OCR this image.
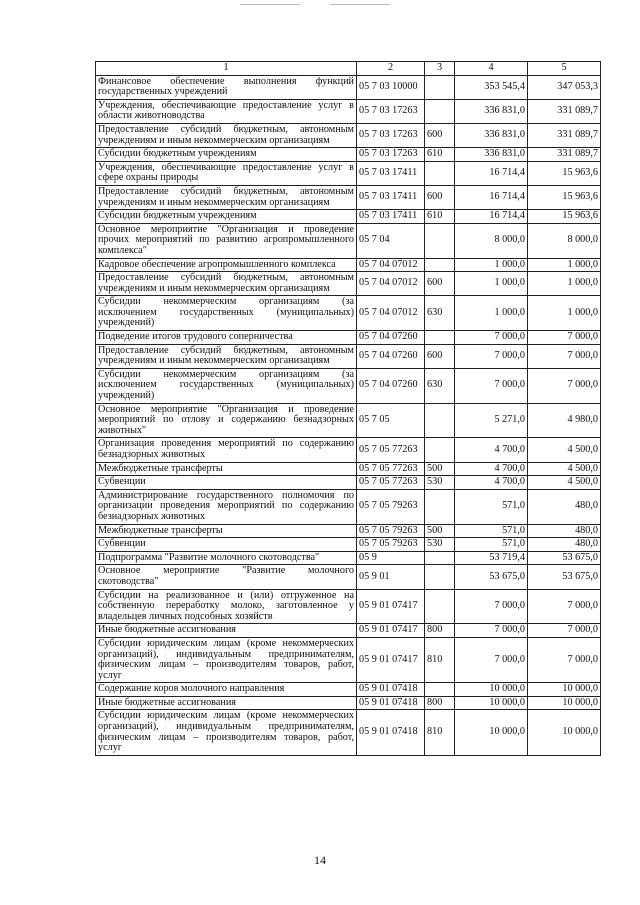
1	2	3	4	5
Финансовое обеспечение выполнения функций государственных учреждений	05 7 03 10000		353 545,4	347 053,3
Учреждения, обеспечивающие предоставление услуг в области животноводства	05 7 03 17263		336 831,0	331 089,7
Предоставление субсидий бюджетным, автономным учреждениям и иным некоммерческим организациям	05 7 03 17263	600	336 831,0	331 089,7
Субсидии бюджетным учреждениям	05 7 03 17263	610	336 831,0	331 089,7
Учреждения, обеспечивающие предоставление услуг в сфере охраны природы	05 7 03 17411		16 714,4	15 963,6
Предоставление субсидий бюджетным, автономным учреждениям и иным некоммерческим организациям	05 7 03 17411	600	16 714,4	15 963,6
Субсидии бюджетным учреждениям	05 7 03 17411	610	16 714,4	15 963,6
Основное мероприятие "Организация и проведение прочих мероприятий по развитию агропромышленного комплекса"	05 7 04		8 000,0	8 000,0
Кадровое обеспечение агропромышленного комплекса	05 7 04 07012		1 000,0	1 000,0
Предоставление субсидий бюджетным, автономным учреждениям и иным некоммерческим организациям	05 7 04 07012	600	1 000,0	1 000,0
Субсидии некоммерческим организациям (за исключением государственных (муниципальных) учреждений)	05 7 04 07012	630	1 000,0	1 000,0
Подведение итогов трудового соперничества	05 7 04 07260		7 000,0	7 000,0
Предоставление субсидий бюджетным, автономным учреждениям и иным некоммерческим организациям	05 7 04 07260	600	7 000,0	7 000,0
Субсидии некоммерческим организациям (за исключением государственных (муниципальных) учреждений)	05 7 04 07260	630	7 000,0	7 000,0
Основное мероприятие "Организация и проведение мероприятий по отлову и содержанию безнадзорных животных"	05 7 05		5 271,0	4 980,0
Организация проведения мероприятий по содержанию безнадзорных животных	05 7 05 77263		4 700,0	4 500,0
Межбюджетные трансферты	05 7 05 77263	500	4 700,0	4 500,0
Субвенции	05 7 05 77263	530	4 700,0	4 500,0
Администрирование государственного полномочия по организации проведения мероприятий по содержанию безнадзорных животных	05 7 05 79263		571,0	480,0
Межбюджетные трансферты	05 7 05 79263	500	571,0	480,0
Субвенции	05 7 05 79263	530	571,0	480,0
Подпрограмма "Развитие молочного скотоводства"	05 9		53 719,4	53 675,0
Основное мероприятие "Развитие молочного скотоводства"	05 9 01		53 675,0	53 675,0
Субсидии на реализованное и (или) отгруженное на собственную переработку молоко, заготовленное у владельцев личных подсобных хозяйств	05 9 01 07417		7 000,0	7 000,0
Иные бюджетные ассигнования	05 9 01 07417	800	7 000,0	7 000,0
Субсидии юридическим лицам (кроме некоммерческих организаций), индивидуальным предпринимателям, физическим лицам – производителям товаров, работ, услуг	05 9 01 07417	810	7 000,0	7 000,0
Содержание коров молочного направления	05 9 01 07418		10 000,0	10 000,0
Иные бюджетные ассигнования	05 9 01 07418	800	10 000,0	10 000,0
Субсидии юридическим лицам (кроме некоммерческих организаций), индивидуальным предпринимателям, физическим лицам – производителям товаров, работ, услуг	05 9 01 07418	810	10 000,0	10 000,0
14
